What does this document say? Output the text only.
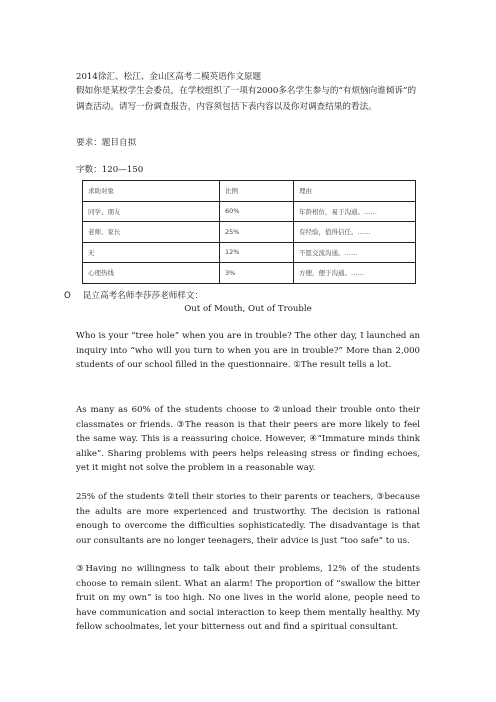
2014徐汇、松江、金山区高考二模英语作文原题

假如你是某校学生会委员，在学校组织了一项有2000多名学生参与的“有烦恼向谁倾诉”的调查活动。请写一份调查报告，内容须包括下表内容以及你对调查结果的看法。

要求：题目自拟

字数：120—150

求助对象	比例	理由
同学、朋友	60%	年龄相仿，易于沟通。……
老师、家长	25%	有经验，值得信任。……
无	12%	不愿交流沟通。……
心理热线	3%	方便，便于沟通。……

O 昆立高考名师李莎莎老师样文：

Out of Mouth, Out of Trouble

Who is your “tree hole” when you are in trouble? The other day, I launched an inquiry into “who will you turn to when you are in trouble?” More than 2,000 students of our school filled in the questionnaire. ①The result tells a lot.

As many as 60% of the students choose to ②unload their trouble onto their classmates or friends. ③The reason is that their peers are more likely to feel the same way. This is a reassuring choice. However, ④“Immature minds think alike”. Sharing problems with peers helps releasing stress or finding echoes, yet it might not solve the problem in a reasonable way.

25% of the students ②tell their stories to their parents or teachers, ③because the adults are more experienced and trustworthy. The decision is rational enough to overcome the difficulties sophisticatedly. The disadvantage is that our consultants are no longer teenagers, their advice is just “too safe” to us.

③Having no willingness to talk about their problems, 12% of the students choose to remain silent. What an alarm! The proportion of “swallow the bitter fruit on my own” is too high. No one lives in the world alone, people need to have communication and social interaction to keep them mentally healthy. My fellow schoolmates, let your bitterness out and find a spiritual consultant.
